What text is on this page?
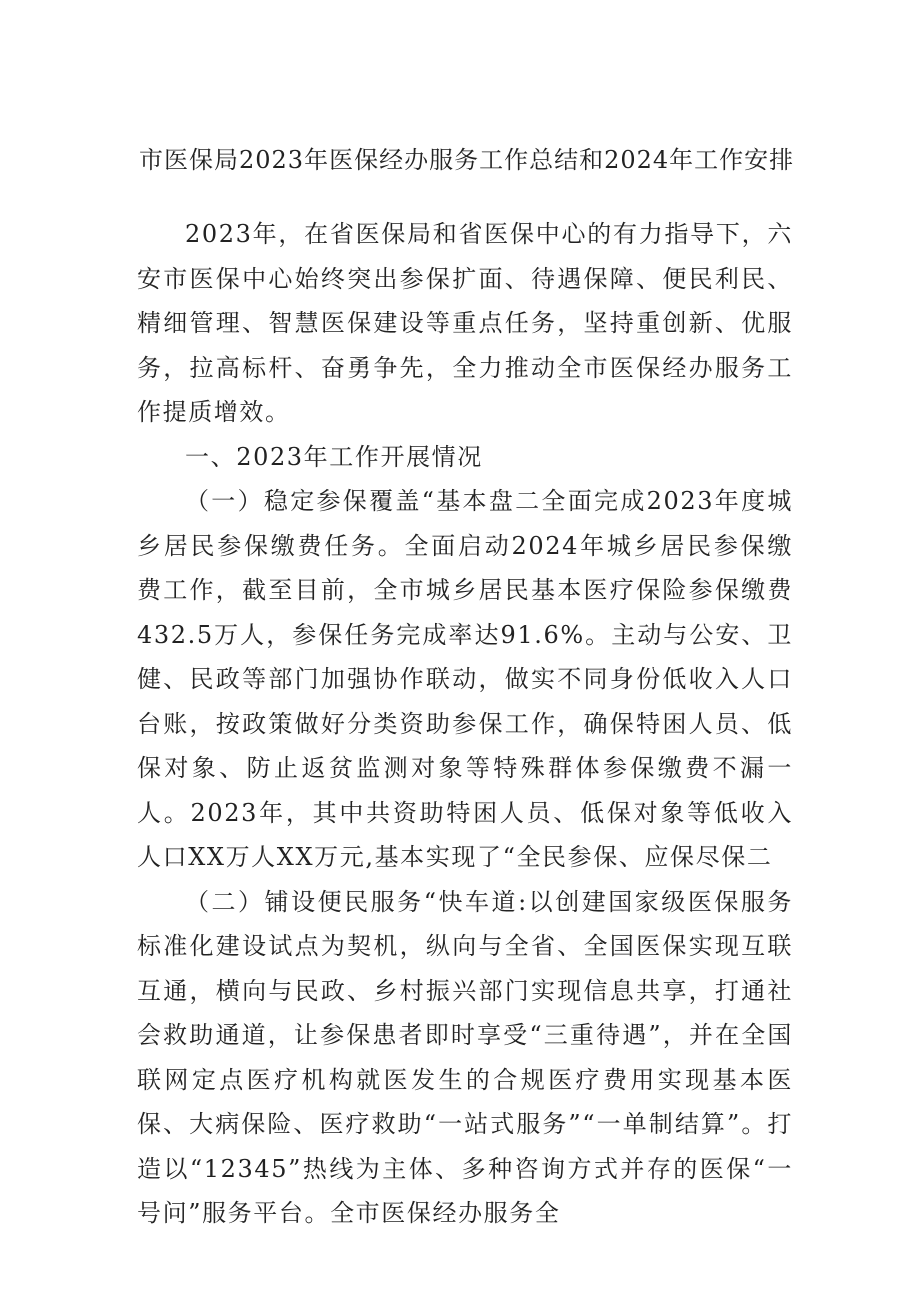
市医保局2023年医保经办服务工作总结和2024年工作安排

2023年，在省医保局和省医保中心的有力指导下，六安市医保中心始终突出参保扩面、待遇保障、便民利民、精细管理、智慧医保建设等重点任务，坚持重创新、优服务，拉高标杆、奋勇争先，全力推动全市医保经办服务工作提质增效。

一、2023年工作开展情况

（一）稳定参保覆盖“基本盘二全面完成2023年度城乡居民参保缴费任务。全面启动2024年城乡居民参保缴费工作，截至目前，全市城乡居民基本医疗保险参保缴费432.5万人，参保任务完成率达91.6%。主动与公安、卫健、民政等部门加强协作联动，做实不同身份低收入人口台账，按政策做好分类资助参保工作，确保特困人员、低保对象、防止返贫监测对象等特殊群体参保缴费不漏一人。2023年，其中共资助特困人员、低保对象等低收入人口XX万人XX万元,基本实现了“全民参保、应保尽保二

（二）铺设便民服务“快车道:以创建国家级医保服务标准化建设试点为契机，纵向与全省、全国医保实现互联互通，横向与民政、乡村振兴部门实现信息共享，打通社会救助通道，让参保患者即时享受“三重待遇”，并在全国联网定点医疗机构就医发生的合规医疗费用实现基本医保、大病保险、医疗救助“一站式服务”“一单制结算”。打造以“12345”热线为主体、多种咨询方式并存的医保“一号问”服务平台。全市医保经办服务全
